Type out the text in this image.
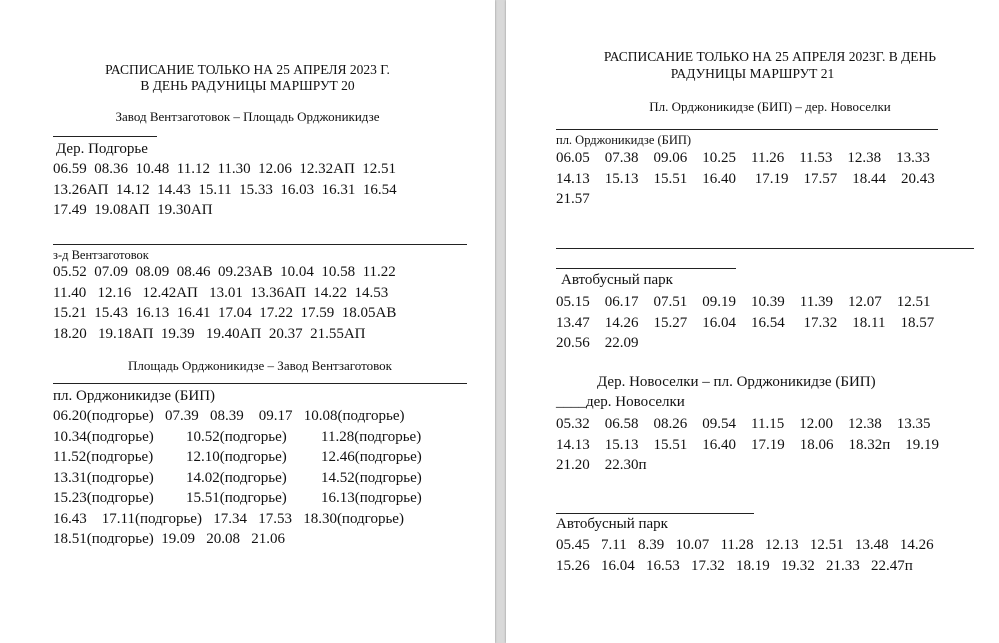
РАСПИСАНИЕ ТОЛЬКО НА 25 АПРЕЛЯ 2023 Г.
В ДЕНЬ РАДУНИЦЫ МАРШРУТ 20
Завод Вентзаготовок – Площадь Орджоникидзе
Дер. Подгорье
06.59  08.36  10.48  11.12  11.30  12.06  12.32АП  12.51
13.26АП  14.12  14.43  15.11  15.33  16.03  16.31  16.54
17.49  19.08АП  19.30АП
з-д Вентзаготовок
05.52  07.09  08.09  08.46  09.23АВ  10.04  10.58  11.22
11.40   12.16   12.42АП   13.01  13.36АП  14.22  14.53
15.21  15.43  16.13  16.41  17.04  17.22  17.59  18.05АВ
18.20   19.18АП  19.39   19.40АП  20.37  21.55АП
Площадь Орджоникидзе – Завод Вентзаготовок
пл. Орджоникидзе (БИП)
06.20(подгорье)   07.39   08.39    09.17   10.08(подгорье)
10.34(подгорье) 10.52(подгорье) 11.28(подгорье)
11.52(подгорье) 12.10(подгорье) 12.46(подгорье)
13.31(подгорье) 14.02(подгорье) 14.52(подгорье)
15.23(подгорье) 15.51(подгорье) 16.13(подгорье)
16.43    17.11(подгорье)   17.34   17.53   18.30(подгорье)
18.51(подгорье)  19.09   20.08   21.06
РАСПИСАНИЕ ТОЛЬКО НА 25 АПРЕЛЯ 2023Г. В ДЕНЬ
РАДУНИЦЫ МАРШРУТ 21
Пл. Орджоникидзе (БИП) – дер. Новоселки
пл. Орджоникидзе (БИП)
06.05    07.38    09.06    10.25    11.26    11.53    12.38    13.33
14.13    15.13    15.51    16.40     17.19    17.57    18.44    20.43
21.57
Автобусный парк
05.15    06.17    07.51    09.19    10.39    11.39    12.07    12.51
13.47    14.26    15.27    16.04    16.54     17.32    18.11    18.57
20.56    22.09
Дер. Новоселки – пл. Орджоникидзе (БИП)
____дер. Новоселки
05.32    06.58    08.26    09.54    11.15    12.00    12.38    13.35
14.13    15.13    15.51    16.40    17.19    18.06    18.32п    19.19
21.20    22.30п
Автобусный парк
05.45   7.11   8.39   10.07   11.28   12.13   12.51   13.48   14.26
15.26   16.04   16.53   17.32   18.19   19.32   21.33   22.47п
